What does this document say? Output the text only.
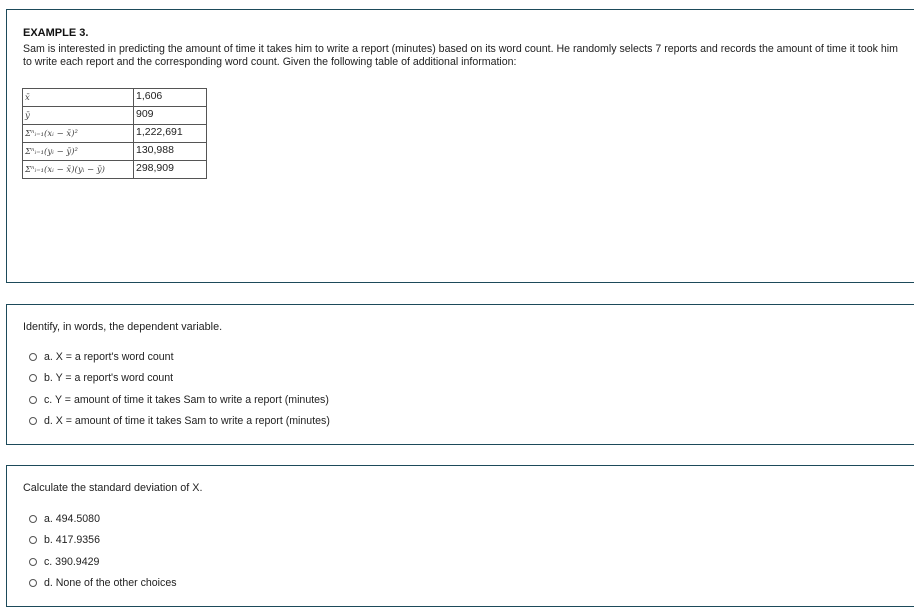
EXAMPLE 3.
Sam is interested in predicting the amount of time it takes him to write a report (minutes) based on its word count. He randomly selects 7 reports and records the amount of time it took him to write each report and the corresponding word count. Given the following table of additional information:
x̄	1,606
ȳ	909
Σⁿᵢ₌₁(xᵢ − x̄)²	1,222,691
Σⁿᵢ₌₁(yᵢ − ȳ)²	130,988
Σⁿᵢ₌₁(xᵢ − x̄)(yᵢ − ȳ)	298,909
Identify, in words, the dependent variable.
a. X = a report's word count
b. Y = a report's word count
c. Y = amount of time it takes Sam to write a report (minutes)
d. X = amount of time it takes Sam to write a report (minutes)
Calculate the standard deviation of X.
a. 494.5080
b. 417.9356
c. 390.9429
d. None of the other choices
